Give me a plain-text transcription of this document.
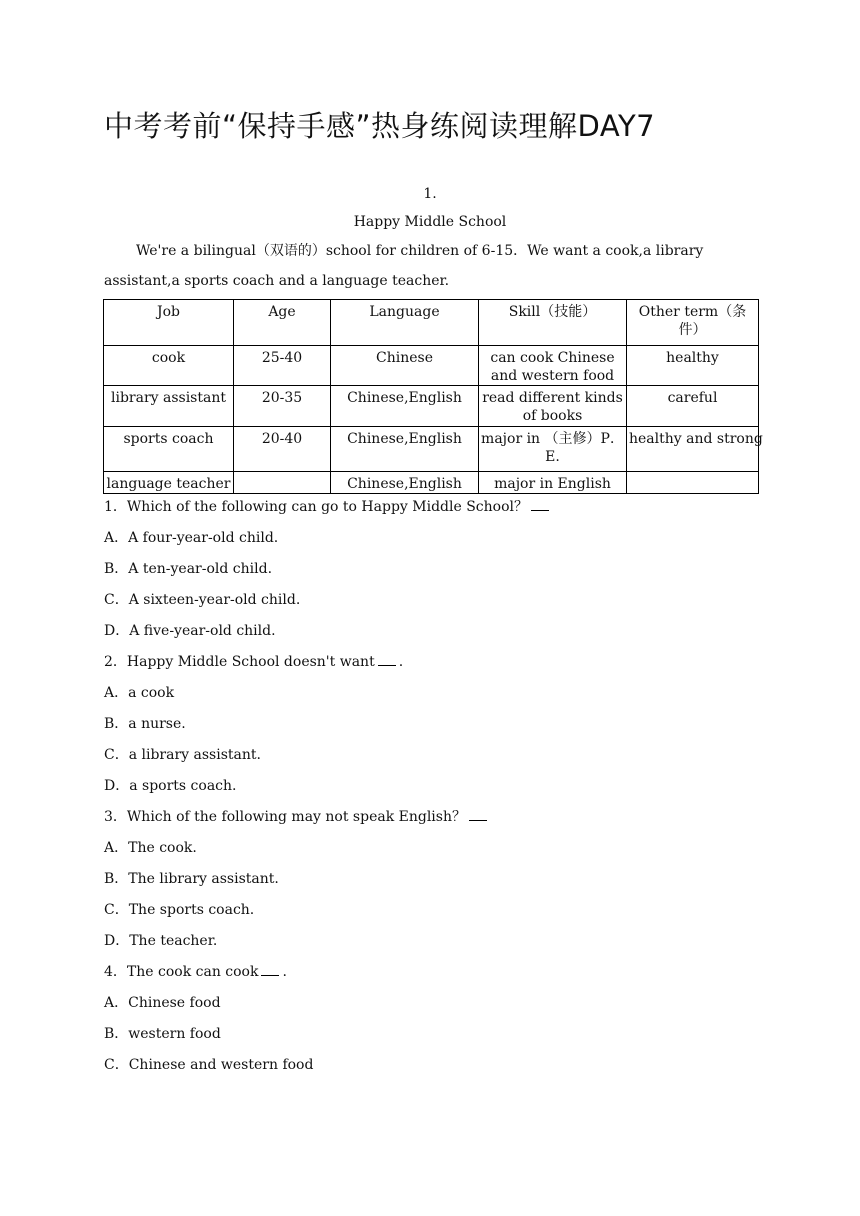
中考考前“保持手感”热身练阅读理解DAY7
1.
Happy Middle School
We're a bilingual（双语的）school for children of 6-15．We want a cook,a library
assistant,a sports coach and a language teacher.
Job	Age	Language	Skill（技能）	Other term（条件）
cook	25-40	Chinese	can cook Chinese and western food	healthy
library assistant	20-35	Chinese,English	read different kinds of books	careful
sports coach	20-40	Chinese,English	major in （主修）P．E.	healthy and strong
language teacher		Chinese,English	major in English	
1．Which of the following can go to Happy Middle School？
A．A four-year-old child.
B．A ten-year-old child.
C．A sixteen-year-old child.
D．A five-year-old child.
2．Happy Middle School doesn't want .
A．a cook
B．a nurse.
C．a library assistant.
D．a sports coach.
3．Which of the following may not speak English？
A．The cook.
B．The library assistant.
C．The sports coach.
D．The teacher.
4．The cook can cook .
A．Chinese food
B．western food
C．Chinese and western food
